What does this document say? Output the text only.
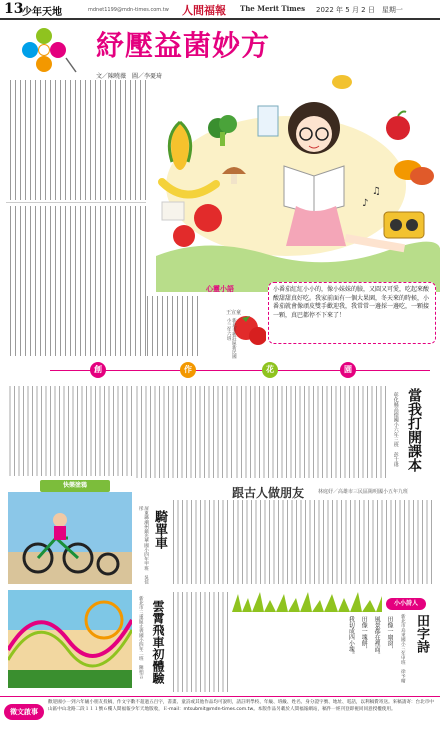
13
少年天地	mdnet1199@mdn-times.com.tw 人間福報 The Merit Times 2022 年 5 月 2 日　星期一
紓壓益菌妙方
文／陳曉薇　圖／李憂琦
♪
♫
心靈小語
王宣童
新北市新莊區新民國小三年六班

小番茄紅紅小小的，像小妹妹的臉，又圓又可愛，吃起來酸酸甜甜真好吃。我家前面有一個大果園，冬天來的時候，小番茄就會像頑皮雙手歡迎我，我常常一邊採一邊吃，一顆接一顆，真巴都停不下來了！

創	作	花	園
當我打開課本
彰化縣高德國小六年三班　彭士瑋
跟古人做朋友	林庭妤／高雄市三民區陽明國小五年九班
快樂塗鴉
騎單車
屏東縣潮州鎮光華國小四年甲班　吳佳彤
雲霄飛車初體驗
新北市三重區正義國小四年二班　陳柏言	小小詩人
田字詩
新北市烏來國小三年甲班　徐予晴
田像一扇窗，
風景都在裡面。
田像一塊餅，
我切成四小塊。
徵文啟事
歡迎國小一到六年級小朋友投稿，作文字數不超過五百字，書畫、童詩或其他作品均可說明，請註明學校、年級、班級、姓名、身分證字號、地址、電話，以利稿費寄送。來稿請寄：台北市中山區中山北路二段１１１號６樓人間福報少年天地版收，Ｅ-mail：mtsubmit@mdn-times.com.tw。本版作品另載於人間福報網站，稿件一經刊登即視同同意授權使用。
